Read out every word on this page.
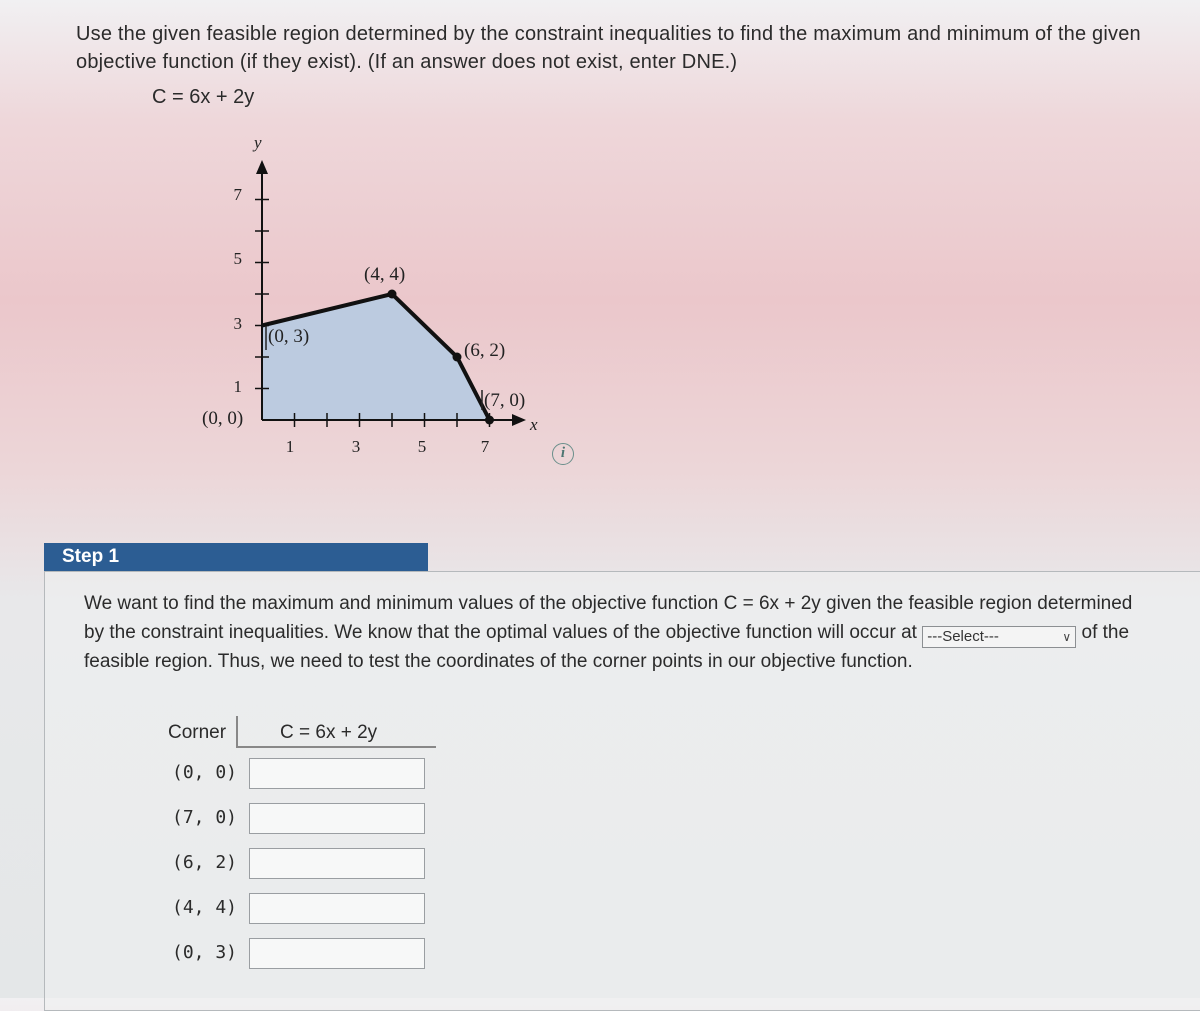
Use the given feasible region determined by the constraint inequalities to find the maximum and minimum of the given objective function (if they exist). (If an answer does not exist, enter DNE.)

C = 6x + 2y
y
x
1	3	5	7
1
3
5
7
(0, 0)
(7, 0)
(6, 2)
(4, 4)
(0, 3)
i
Step 1

We want to find the maximum and minimum values of the objective function C = 6x + 2y given the feasible region determined by the constraint inequalities. We know that the optimal values of the objective function will occur at ---Select---	∨ of the feasible region. Thus, we need to test the coordinates of the corner points in our objective function.

Corner	C = 6x + 2y
(0, 0)
(7, 0)
(6, 2)
(4, 4)
(0, 3)
